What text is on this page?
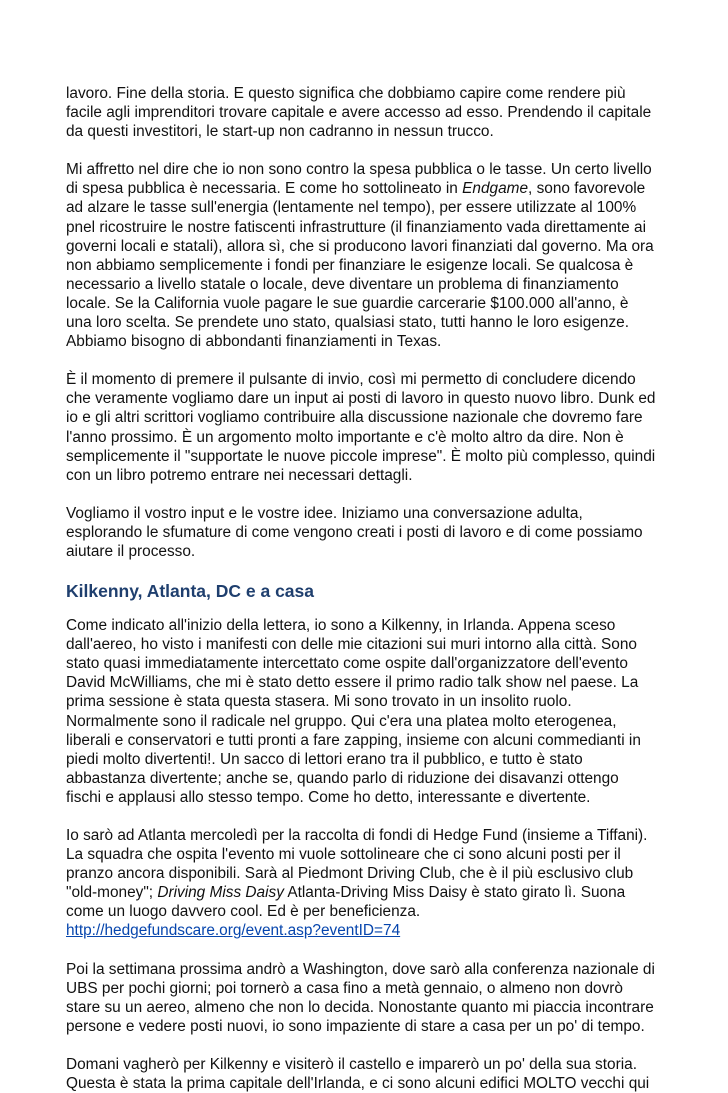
lavoro. Fine della storia. E questo significa che dobbiamo capire come rendere più facile agli imprenditori trovare capitale e avere accesso ad esso. Prendendo il capitale da questi investitori, le start-up non cadranno in nessun trucco.

Mi affretto nel dire che io non sono contro la spesa pubblica o le tasse. Un certo livello di spesa pubblica è necessaria. E come ho sottolineato in Endgame, sono favorevole ad alzare le tasse sull'energia (lentamente nel tempo), per essere utilizzate al 100% pnel ricostruire le nostre fatiscenti infrastrutture (il finanziamento vada direttamente ai governi locali e statali), allora sì, che si producono lavori finanziati dal governo. Ma ora non abbiamo semplicemente i fondi per finanziare le esigenze locali. Se qualcosa è necessario a livello statale o locale, deve diventare un problema di finanziamento locale. Se la California vuole pagare le sue guardie carcerarie $100.000 all'anno, è una loro scelta. Se prendete uno stato, qualsiasi stato, tutti hanno le loro esigenze. Abbiamo bisogno di abbondanti finanziamenti in Texas.

È il momento di premere il pulsante di invio, così mi permetto di concludere dicendo che veramente vogliamo dare un input ai posti di lavoro in questo nuovo libro. Dunk ed io e gli altri scrittori vogliamo contribuire alla discussione nazionale che dovremo fare l'anno prossimo. È un argomento molto importante e c'è molto altro da dire. Non è semplicemente il "supportate le nuove piccole imprese". È molto più complesso, quindi con un libro potremo entrare nei necessari dettagli.

Vogliamo il vostro input e le vostre idee. Iniziamo una conversazione adulta, esplorando le sfumature di come vengono creati i posti di lavoro e di come possiamo aiutare il processo.

Kilkenny, Atlanta, DC e a casa

Come indicato all'inizio della lettera, io sono a Kilkenny, in Irlanda. Appena sceso dall'aereo, ho visto i manifesti con delle mie citazioni sui muri intorno alla città. Sono stato quasi immediatamente intercettato come ospite dall'organizzatore dell'evento David McWilliams, che mi è stato detto essere il primo radio talk show nel paese. La prima sessione è stata questa stasera. Mi sono trovato in un insolito ruolo. Normalmente sono il radicale nel gruppo. Qui c'era una platea molto eterogenea, liberali e conservatori e tutti pronti a fare zapping, insieme con alcuni commedianti in piedi molto divertenti!. Un sacco di lettori erano tra il pubblico, e tutto è stato abbastanza divertente; anche se, quando parlo di riduzione dei disavanzi ottengo fischi e applausi allo stesso tempo. Come ho detto, interessante e divertente.

Io sarò ad Atlanta mercoledì per la raccolta di fondi di Hedge Fund (insieme a Tiffani). La squadra che ospita l'evento mi vuole sottolineare che ci sono alcuni posti per il pranzo ancora disponibili. Sarà al Piedmont Driving Club, che è il più esclusivo club "old-money"; Driving Miss Daisy Atlanta-Driving Miss Daisy è stato girato lì. Suona come un luogo davvero cool. Ed è per beneficienza. http://hedgefundscare.org/event.asp?eventID=74

Poi la settimana prossima andrò a Washington, dove sarò alla conferenza nazionale di UBS per pochi giorni; poi tornerò a casa fino a metà gennaio, o almeno non dovrò stare su un aereo, almeno che non lo decida. Nonostante quanto mi piaccia incontrare persone e vedere posti nuovi, io sono impaziente di stare a casa per un po' di tempo.

Domani vagherò per Kilkenny e visiterò il castello e imparerò un po' della sua storia. Questa è stata la prima capitale dell'Irlanda, e ci sono alcuni edifici MOLTO vecchi qui
